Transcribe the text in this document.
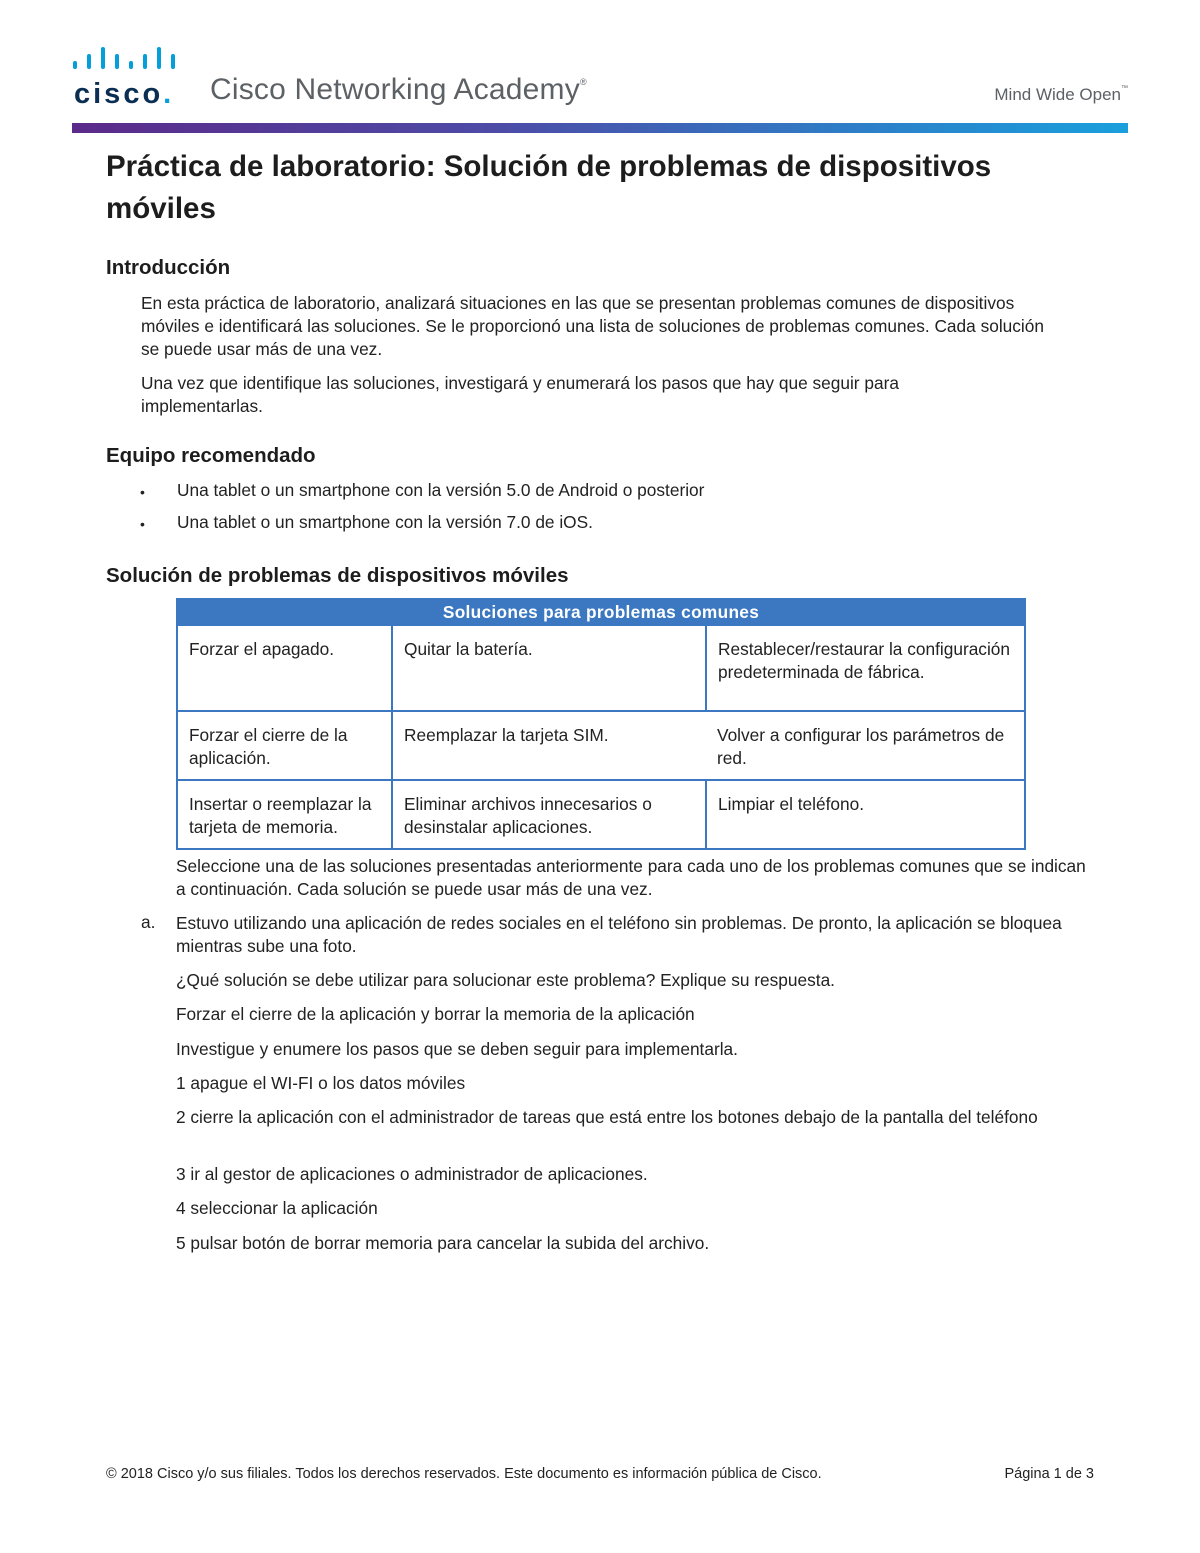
cisco. Cisco Networking Academy®
Mind Wide Open™
Práctica de laboratorio: Solución de problemas de dispositivos móviles
Introducción

En esta práctica de laboratorio, analizará situaciones en las que se presentan problemas comunes de dispositivos móviles e identificará las soluciones. Se le proporcionó una lista de soluciones de problemas comunes. Cada solución se puede usar más de una vez.

Una vez que identifique las soluciones, investigará y enumerará los pasos que hay que seguir para implementarlas.

Equipo recomendado
• Una tablet o un smartphone con la versión 5.0 de Android o posterior
• Una tablet o un smartphone con la versión 7.0 de iOS.
Solución de problemas de dispositivos móviles
Soluciones para problemas comunes		
Forzar el apagado.	Quitar la batería.	Restablecer/restaurar la configuración predeterminada de fábrica.
Forzar el cierre de la aplicación.	Reemplazar la tarjeta SIM.	Volver a configurar los parámetros de red.
Insertar o reemplazar la tarjeta de memoria.	Eliminar archivos innecesarios o desinstalar aplicaciones.	Limpiar el teléfono.

Seleccione una de las soluciones presentadas anteriormente para cada uno de los problemas comunes que se indican a continuación. Cada solución se puede usar más de una vez.

a. Estuvo utilizando una aplicación de redes sociales en el teléfono sin problemas. De pronto, la aplicación se bloquea mientras sube una foto.

¿Qué solución se debe utilizar para solucionar este problema? Explique su respuesta.

Forzar el cierre de la aplicación y borrar la memoria de la aplicación

Investigue y enumere los pasos que se deben seguir para implementarla.

1 apague el WI-FI o los datos móviles

2 cierre la aplicación con el administrador de tareas que está entre los botones debajo de la pantalla del teléfono

3 ir al gestor de aplicaciones o administrador de aplicaciones.

4 seleccionar la aplicación

5 pulsar botón de borrar memoria para cancelar la subida del archivo.

© 2018 Cisco y/o sus filiales. Todos los derechos reservados. Este documento es información pública de Cisco.	Página 1 de 3
